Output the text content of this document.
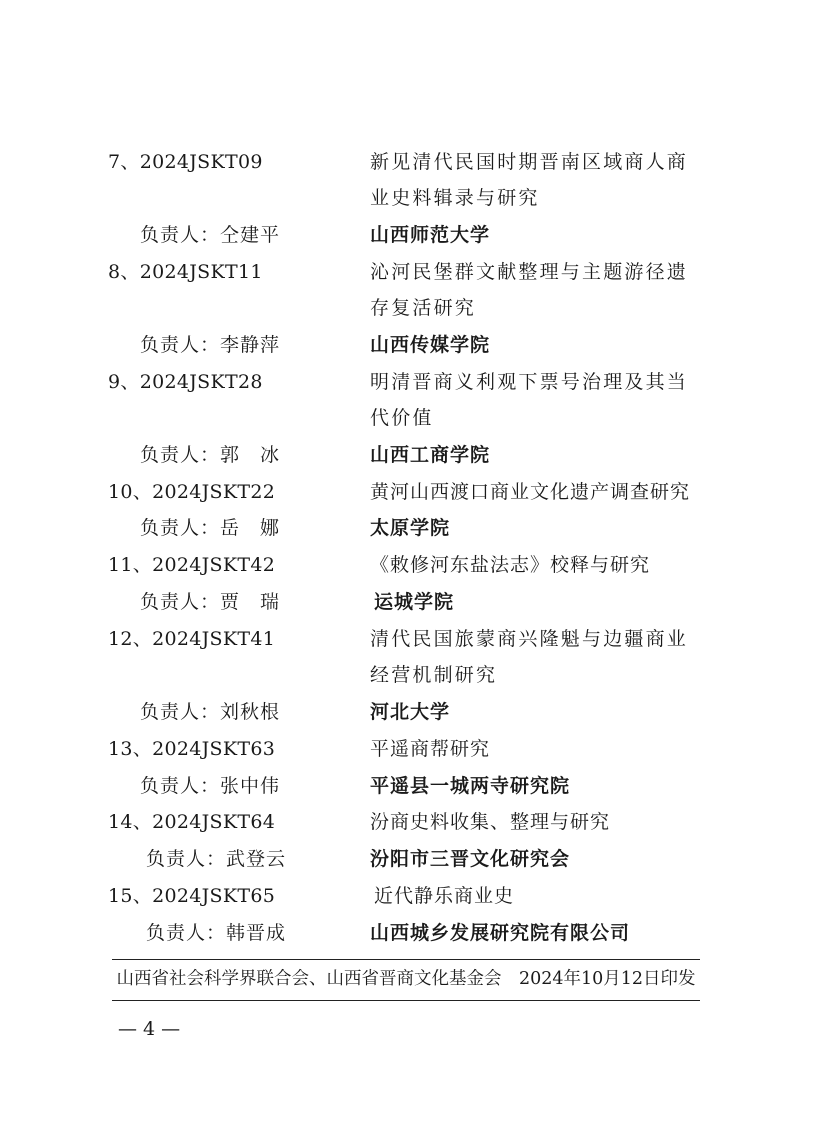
7、2024JSKT09	新见清代民国时期晋南区域商人商
业史料辑录与研究
负责人：仝建平	山西师范大学
8、2024JSKT11	沁河民堡群文献整理与主题游径遗
存复活研究
负责人：李静萍	山西传媒学院
9、2024JSKT28	明清晋商义利观下票号治理及其当
代价值
负责人：郭　冰	山西工商学院
10、2024JSKT22	黄河山西渡口商业文化遗产调查研究
负责人：岳　娜	太原学院
11、2024JSKT42	《敕修河东盐法志》校释与研究
负责人：贾　瑞	运城学院
12、2024JSKT41	清代民国旅蒙商兴隆魁与边疆商业
经营机制研究
负责人：刘秋根	河北大学
13、2024JSKT63	平遥商帮研究
负责人：张中伟	平遥县一城两寺研究院
14、2024JSKT64	汾商史料收集、整理与研究
负责人：武登云	汾阳市三晋文化研究会
15、2024JSKT65	近代静乐商业史
负责人：韩晋成	山西城乡发展研究院有限公司
山西省社会科学界联合会、山西省晋商文化基金会　2024年10月12日印发
— 4 —
